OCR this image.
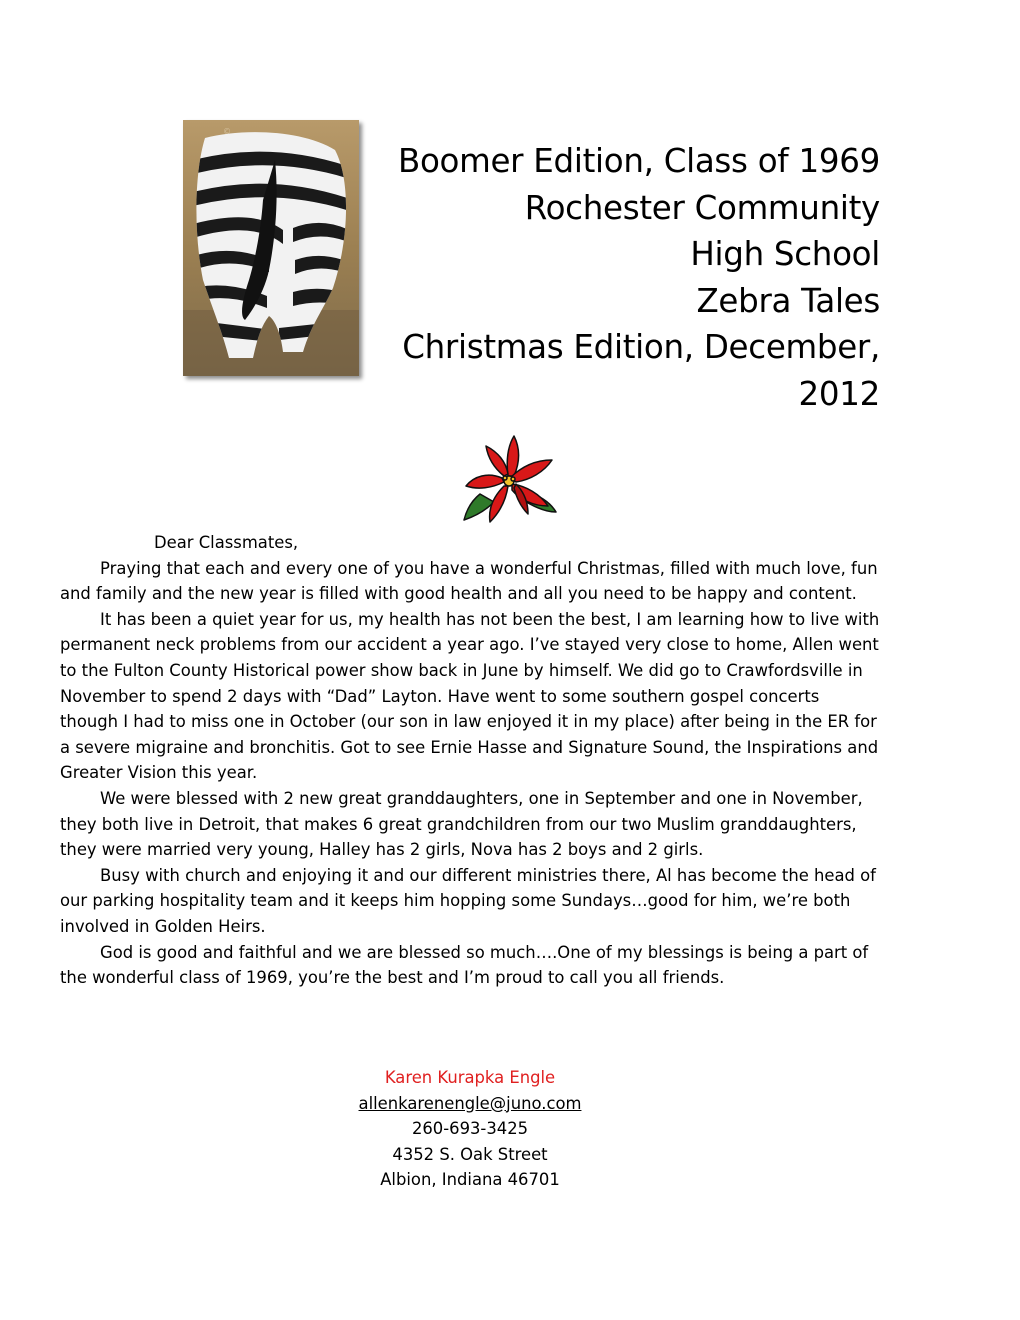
©
Boomer Edition, Class of 1969
Rochester Community
High School
Zebra Tales
Christmas Edition, December,
2012
Dear Classmates,

Praying that each and every one of you have a wonderful Christmas, filled with much love, fun and family and the new year is filled with good health and all you need to be happy and content.

It has been a quiet year for us, my health has not been the best, I am learning how to live with permanent neck problems from our accident a year ago. I’ve stayed very close to home, Allen went to the Fulton County Historical power show back in June by himself. We did go to Crawfordsville in November to spend 2 days with “Dad” Layton. Have went to some southern gospel concerts though I had to miss one in October (our son in law enjoyed it in my place) after being in the ER for a severe migraine and bronchitis. Got to see Ernie Hasse and Signature Sound, the Inspirations and Greater Vision this year.

We were blessed with 2 new great granddaughters, one in September and one in November, they both live in Detroit, that makes 6 great grandchildren from our two Muslim granddaughters, they were married very young, Halley has 2 girls, Nova has 2 boys and 2 girls.

Busy with church and enjoying it and our different ministries there, Al has become the head of our parking hospitality team and it keeps him hopping some Sundays…good for him, we’re both involved in Golden Heirs.

God is good and faithful and we are blessed so much….One of my blessings is being a part of the wonderful class of 1969, you’re the best and I’m proud to call you all friends.

Karen Kurapka Engle
allenkarenengle@juno.com
260-693-3425
4352 S. Oak Street
Albion, Indiana 46701
